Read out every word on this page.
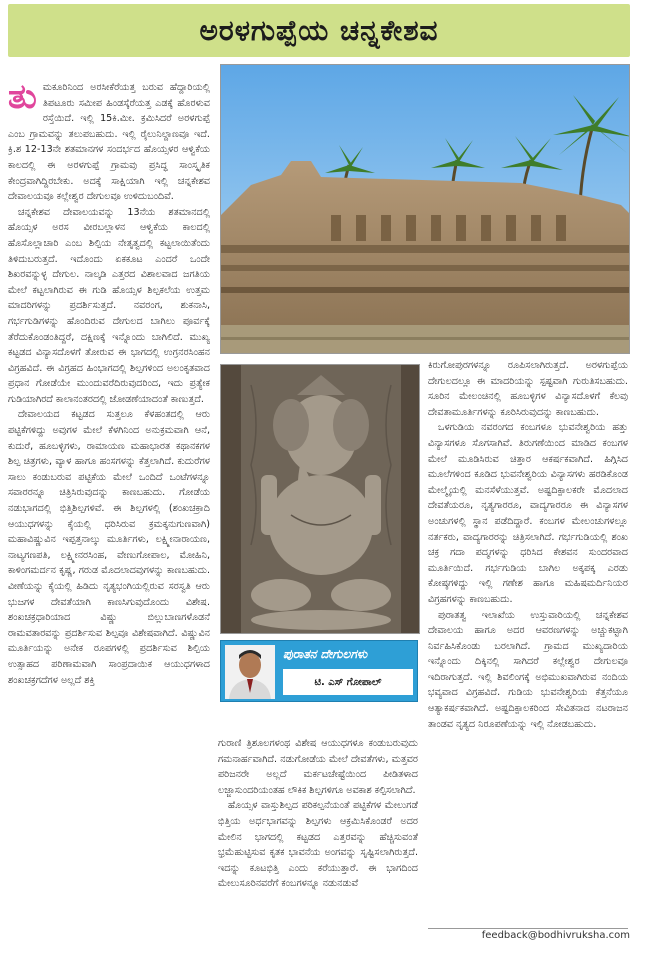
ಅರಳಗುಪ್ಪೆಯ ಚನ್ನಕೇಶವ

ತುಮಕೂರಿನಿಂದ ಅರಸೀಕೆರೆಯತ್ತ ಬರುವ ಹೆದ್ದಾರಿಯಲ್ಲಿ ತಿಪಟೂರು ಸಮೀಪ ಹಿಂಡಸ್ಕೆರೆಯತ್ತ ಎಡಕ್ಕೆ ಹೊರಳುವ ರಸ್ತೆಯಿದೆ. ಇಲ್ಲಿ 15ಕಿ.ಮೀ. ಕ್ರಮಿಸಿದರೆ ಅರಳಗುಪ್ಪೆ ಎಂಬ ಗ್ರಾಮವನ್ನು ತಲುಪಬಹುದು. ಇಲ್ಲಿ ರೈಲುನಿಲ್ದಾಣವೂ ಇದೆ. ಕ್ರಿ.ಶ 12-13ನೇ ಶತಮಾನಗಳ ಸಂದರ್ಭದ ಹೊಯ್ಸಳರ ಆಳ್ವಿಕೆಯ ಕಾಲದಲ್ಲಿ ಈ ಅರಳಗುಪ್ಪೆ ಗ್ರಾಮವು ಪ್ರಸಿದ್ಧ ಸಾಂಸ್ಕೃತಿಕ ಕೇಂದ್ರವಾಗಿದ್ದಿರಬೇಕು. ಅದಕ್ಕೆ ಸಾಕ್ಷಿಯಾಗಿ ಇಲ್ಲಿ ಚನ್ನಕೇಶವ ದೇವಾಲಯವೂ ಕಲ್ಲೇಶ್ವರ ದೇಗುಲವೂ ಉಳಿದುಬಂದಿವೆ.

ಚನ್ನಕೇಶವ ದೇವಾಲಯವನ್ನು 13ನೆಯ ಶತಮಾನದಲ್ಲಿ ಹೊಯ್ಸಳ ಅರಸ ವೀರಬಲ್ಲಾಳನ ಆಳ್ವಿಕೆಯ ಕಾಲದಲ್ಲಿ ಹೊಸೊಲ್ಲಾಚಾರಿ ಎಂಬ ಶಿಲ್ಪಿಯ ನೇತೃತ್ವದಲ್ಲಿ ಕಟ್ಟಲಾಯಿತೆಂದು ತಿಳಿದುಬರುತ್ತದೆ. ಇದೊಂದು ಏಕಕೂಟ ಎಂದರೆ ಒಂದೇ ಶಿಖರವನ್ನುಳ್ಳ ದೇಗುಲ. ನಾಲ್ಕಡಿ ಎತ್ತರದ ವಿಶಾಲವಾದ ಜಗತಿಯ ಮೇಲೆ ಕಟ್ಟಲಾಗಿರುವ ಈ ಗುಡಿ ಹೊಯ್ಸಳ ಶಿಲ್ಪಕಲೆಯ ಉತ್ತಮ ಮಾದರಿಗಳನ್ನು ಪ್ರದರ್ಶಿಸುತ್ತದೆ. ನವರಂಗ, ಶುಕನಾಸಿ, ಗರ್ಭಗುಡಿಗಳನ್ನು ಹೊಂದಿರುವ ದೇಗುಲದ ಬಾಗಿಲು ಪೂರ್ವಕ್ಕೆ ತೆರೆದುಕೊಂಡಂತಿದ್ದರೆ, ದಕ್ಷಿಣಕ್ಕೆ ಇನ್ನೊಂದು ಬಾಗಿಲಿದೆ. ಮುಖ್ಯ ಕಟ್ಟಡದ ವಿನ್ಯಾಸದೊಳಗೆ ತೋರುವ ಈ ಭಾಗದಲ್ಲಿ ಉಗ್ರನರಸಿಂಹನ ವಿಗ್ರಹವಿದೆ. ಈ ವಿಗ್ರಹದ ಹಿಂಭಾಗದಲ್ಲಿ ಶಿಲ್ಪಗಳಿಂದ ಅಲಂಕೃತವಾದ ಪ್ರಧಾನ ಗೋಡೆಯೇ ಮುಂದುವರೆದಿರುವುದರಿಂದ, ಇದು ಪ್ರತ್ಯೇಕ ಗುಡಿಯಾಗಿರದೆ ಕಾಲಾನಂತರದಲ್ಲಿ ಜೋಡಣೆಯಾದಂತೆ ಕಾಣುತ್ತದೆ.

ದೇವಾಲಯದ ಕಟ್ಟಡದ ಸುತ್ತಲೂ ಕೆಳಹಂತದಲ್ಲಿ ಆರು ಪಟ್ಟಿಕೆಗಳಿದ್ದು ಅವುಗಳ ಮೇಲೆ ಕೆಳಗಿನಿಂದ ಅನುಕ್ರಮವಾಗಿ ಆನೆ, ಕುದುರೆ, ಹೂಬಳ್ಳಿಗಳು, ರಾಮಾಯಣ ಮಹಾಭಾರತ ಕಥಾನಕಗಳ ಶಿಲ್ಪ ಚಿತ್ರಗಳು, ವ್ಯಾಳ ಹಾಗೂ ಹಂಸಗಳನ್ನು ಕೆತ್ತಲಾಗಿದೆ. ಕುದುರೆಗಳ ಸಾಲು ಕಂಡುಬರುವ ಪಟ್ಟಿಕೆಯ ಮೇಲೆ ಒಂದಿದೆ ಒಂಟೆಗಳನ್ನೂ ಸವಾರರನ್ನೂ ಚಿತ್ರಿಸಿರುವುದನ್ನು ಕಾಣಬಹುದು. ಗೋಡೆಯ ನಡುಭಾಗದಲ್ಲಿ ಭಿತ್ತಿಶಿಲ್ಪಗಳಿವೆ. ಈ ಶಿಲ್ಪಗಳಲ್ಲಿ (ಶಂಖಚಕ್ರಾದಿ ಆಯುಧಗಳನ್ನು ಕೈಯಲ್ಲಿ ಧರಿಸಿರುವ ಕ್ರಮಕ್ಕನುಗುಣವಾಗಿ) ಮಹಾವಿಷ್ಣುವಿನ ಇಪ್ಪತ್ತನಾಲ್ಕು ಮೂರ್ತಿಗಳು, ಲಕ್ಷ್ಮೀನಾರಾಯಣ, ನಾಟ್ಯಗಣಪತಿ, ಲಕ್ಷ್ಮೀನರಸಿಂಹ, ವೇಣುಗೋಪಾಲ, ಮೋಹಿನಿ, ಕಾಳಿಂಗಮರ್ದನ ಕೃಷ್ಣ, ಗರುಡ ಮೊದಲಾದವುಗಳನ್ನು ಕಾಣಬಹುದು. ವೀಣೆಯನ್ನು ಕೈಯಲ್ಲಿ ಹಿಡಿದು ನೃತ್ಯಭಂಗಿಯಲ್ಲಿರುವ ಸರಸ್ವತಿ ಆರು ಭುಜಗಳ ದೇವತೆಯಾಗಿ ಕಾಣಸಿಗುವುದೊಂದು ವಿಶೇಷ. ಶಂಖಚಕ್ರಧಾರಿಯಾದ ವಿಷ್ಣು ಬಿಲ್ಲುಬಾಣಗಳೊಡನೆ ರಾಮವತಾರವನ್ನು ಪ್ರದರ್ಶಿಸುವ ಶಿಲ್ಪವೂ ವಿಶೇಷವಾಗಿದೆ. ವಿಷ್ಣುವಿನ ಮೂರ್ತಿಯನ್ನು ಅನೇಕ ರೂಪಗಳಲ್ಲಿ ಪ್ರದರ್ಶಿಸುವ ಶಿಲ್ಪಿಯ ಉತ್ಸಾಹದ ಪರಿಣಾಮವಾಗಿ ಸಾಂಪ್ರದಾಯಿಕ ಆಯುಧಗಳಾದ ಶಂಖಚಕ್ರಗದೆಗಳ ಅಲ್ಲದೆ ಶಕ್ತಿ

ಪುರಾತನ ದೇಗುಲಗಳು
ಟಿ. ಎಸ್ ಗೋಪಾಲ್

ಗುರಾಣಿ ತ್ರಿಶೂಲಗಳಂಥ ವಿಶೇಷ ಆಯುಧಗಳೂ ಕಂಡುಬರುವುದು ಗಮನಾರ್ಹವಾಗಿದೆ. ನಡುಗೋಡೆಯ ಮೇಲೆ ದೇವತೆಗಳು, ಮತ್ತವರ ಪರಿಜನರೇ ಅಲ್ಲದೆ ಮರ್ಕಟಚೇಷ್ಟೆಯಿಂದ ಪೀಡಿತಳಾದ ಲಜ್ಜಾಸುಂದರಿಯಂತಹ ಲೌಕಿಕ ಶಿಲ್ಪಗಳಿಗೂ ಅವಕಾಶ ಕಲ್ಪಿಸಲಾಗಿದೆ.

ಹೊಯ್ಸಳ ವಾಸ್ತುಶಿಲ್ಪದ ಪರಿಕಲ್ಪನೆಯಂತೆ ಪಟ್ಟಿಕೆಗಳ ಮೇಲುಗಡೆ ಭಿತ್ತಿಯ ಅರ್ಧಭಾಗವನ್ನು ಶಿಲ್ಪಗಳು ಆಕ್ರಮಿಸಿಕೊಂಡರೆ ಅದರ ಮೇಲಿನ ಭಾಗದಲ್ಲಿ ಕಟ್ಟಡದ ಎತ್ತರವನ್ನು ಹೆಚ್ಚಿಸುವಂತೆ ಭ್ರಮೆಹುಟ್ಟಿಸುವ ಕೃತಕ ಭಾವನೆಯ ಅಂಗವನ್ನು ಸೃಷ್ಟಿಸಲಾಗಿರುತ್ತದೆ. ಇದನ್ನು ಕೂಟಭಿತ್ತಿ ಎಂದು ಕರೆಯುತ್ತಾರೆ. ಈ ಭಾಗದಿಂದ ಮೇಲುಸೂರಿನವರೆಗೆ ಕಂಬಗಳನ್ನೂ ನಡುನಡುವೆ

ಕಿರುಗೋಪುರಗಳನ್ನೂ ರೂಪಿಸಲಾಗಿರುತ್ತದೆ. ಅರಳಗುಪ್ಪೆಯ ದೇಗುಲದಲ್ಲೂ ಈ ಮಾದರಿಯನ್ನು ಸ್ಪಷ್ಟವಾಗಿ ಗುರುತಿಸಬಹುದು. ಸೂರಿನ ಮೇಲಂಚಿನಲ್ಲಿ ಹೂಬಳ್ಳಿಗಳ ವಿನ್ಯಾಸದೊಳಗೆ ಕೆಲವು ದೇವತಾಮೂರ್ತಿಗಳನ್ನು ಕೂರಿಸಿರುವುದನ್ನು ಕಾಣಬಹುದು.

ಒಳಗುಡಿಯ ನವರಂಗದ ಕಂಬಗಳೂ ಭುವನೇಶ್ವರಿಯ ಹತ್ತು ವಿನ್ಯಾಸಗಳೂ ಸೊಗಸಾಗಿವೆ. ತಿರುಗಣೆಯಿಂದ ಮಾಡಿದ ಕಂಬಗಳ ಮೇಲೆ ಮೂಡಿಸಿರುವ ಚಿತ್ತಾರ ಆಕರ್ಷಕವಾಗಿದೆ. ಹಿಗ್ಗಿಸಿದ ಮೂಲೆಗಳಿಂದ ಕೂಡಿದ ಭುವನೇಶ್ವರಿಯ ವಿನ್ಯಾಸಗಳು ಹರಡಿಕೊಂಡ ಮೇಲ್ಮೈಯಲ್ಲಿ ಮನಸೆಳೆಯುತ್ತವೆ. ಅಷ್ಟದಿಕ್ಪಾಲಕರೇ ಮೊದಲಾದ ದೇವತೆಯರೂ, ನೃತ್ಯಗಾರರೂ, ವಾದ್ಯಗಾರರೂ ಈ ವಿನ್ಯಾಸಗಳ ಅಂಚುಗಳಲ್ಲಿ ಸ್ಥಾನ ಪಡೆದಿದ್ದಾರೆ. ಕಂಬಗಳ ಮೇಲಂಚುಗಳಲ್ಲೂ ನರ್ತಕರು, ವಾದ್ಯಗಾರರನ್ನು ಚಿತ್ರಿಸಲಾಗಿದೆ. ಗರ್ಭಗುಡಿಯಲ್ಲಿ ಶಂಖ ಚಕ್ರ ಗದಾ ಪದ್ಮಗಳನ್ನು ಧರಿಸಿದ ಕೇಶವನ ಸುಂದರವಾದ ಮೂರ್ತಿಯಿದೆ. ಗರ್ಭಗುಡಿಯ ಬಾಗಿಲ ಅಕ್ಕಪಕ್ಕ ಎರಡು ಕೋಷ್ಠಗಳಿದ್ದು ಇಲ್ಲಿ ಗಣೇಶ ಹಾಗೂ ಮಹಿಷಮರ್ದಿನಿಯರ ವಿಗ್ರಹಗಳನ್ನು ಕಾಣಬಹುದು.

ಪುರಾತತ್ವ ಇಲಾಖೆಯ ಉಸ್ತುವಾರಿಯಲ್ಲಿ ಚನ್ನಕೇಶವ ದೇವಾಲಯ ಹಾಗೂ ಅದರ ಆವರಣಗಳನ್ನು ಅಚ್ಚುಕಟ್ಟಾಗಿ ನಿರ್ವಹಿಸಿಕೊಂಡು ಬರಲಾಗಿದೆ. ಗ್ರಾಮದ ಮುಖ್ಯದಾರಿಯ ಇನ್ನೊಂದು ದಿಕ್ಕಿನಲ್ಲಿ ಸಾಗಿದರೆ ಕಲ್ಲೇಶ್ವರ ದೇಗುಲವೂ ಇದಿರಾಗುತ್ತದೆ. ಇಲ್ಲಿ ಶಿವಲಿಂಗಕ್ಕೆ ಅಭಿಮುಖವಾಗಿರುವ ನಂದಿಯ ಭವ್ಯವಾದ ವಿಗ್ರಹವಿದೆ. ಗುಡಿಯ ಭುವನೇಶ್ವರಿಯ ಕೆತ್ತನೆಯೂ ಆತ್ಯಾಕರ್ಷಕವಾಗಿದೆ. ಅಷ್ಟದಿಕ್ಪಾಲಕರಿಂದ ಸೇವಿತನಾದ ನಟರಾಜನ ತಾಂಡವ ನೃತ್ಯದ ನಿರೂಪಣೆಯನ್ನು ಇಲ್ಲಿ ನೋಡಬಹುದು.

feedback@bodhivruksha.com
